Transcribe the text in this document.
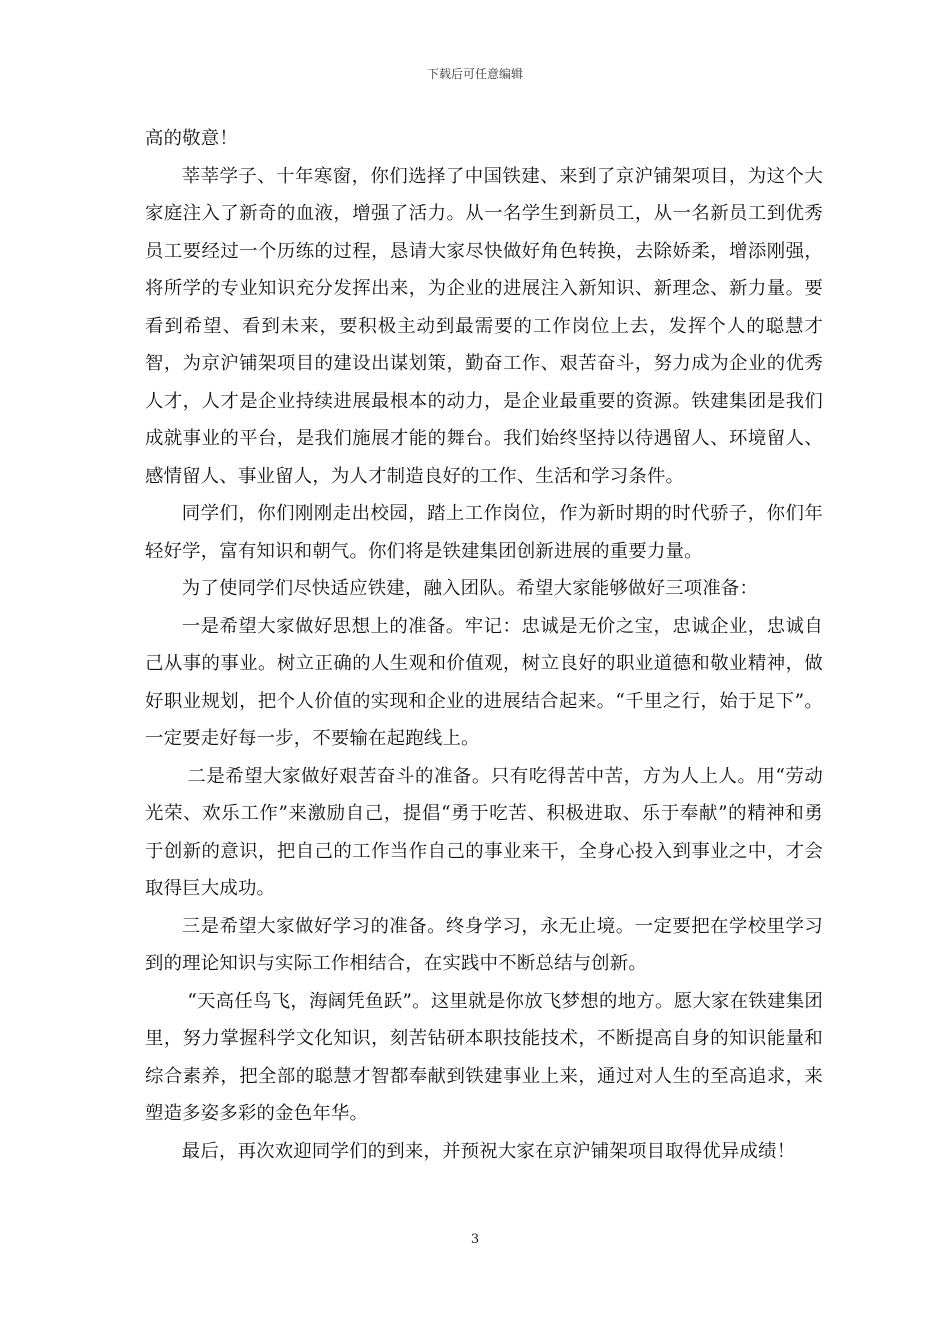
下载后可任意编辑

高的敬意！

莘莘学子、十年寒窗，你们选择了中国铁建、来到了京沪铺架项目，为这个大家庭注入了新奇的血液，增强了活力。从一名学生到新员工，从一名新员工到优秀员工要经过一个历练的过程，恳请大家尽快做好角色转换，去除娇柔，增添刚强，将所学的专业知识充分发挥出来，为企业的进展注入新知识、新理念、新力量。要看到希望、看到未来，要积极主动到最需要的工作岗位上去，发挥个人的聪慧才智，为京沪铺架项目的建设出谋划策，勤奋工作、艰苦奋斗，努力成为企业的优秀人才，人才是企业持续进展最根本的动力，是企业最重要的资源。铁建集团是我们成就事业的平台，是我们施展才能的舞台。我们始终坚持以待遇留人、环境留人、感情留人、事业留人，为人才制造良好的工作、生活和学习条件。

同学们，你们刚刚走出校园，踏上工作岗位，作为新时期的时代骄子，你们年轻好学，富有知识和朝气。你们将是铁建集团创新进展的重要力量。

为了使同学们尽快适应铁建，融入团队。希望大家能够做好三项准备：

一是希望大家做好思想上的准备。牢记：忠诚是无价之宝，忠诚企业，忠诚自己从事的事业。树立正确的人生观和价值观，树立良好的职业道德和敬业精神，做好职业规划，把个人价值的实现和企业的进展结合起来。“千里之行，始于足下”。一定要走好每一步，不要输在起跑线上。

二是希望大家做好艰苦奋斗的准备。只有吃得苦中苦，方为人上人。用“劳动光荣、欢乐工作”来激励自己，提倡“勇于吃苦、积极进取、乐于奉献”的精神和勇于创新的意识，把自己的工作当作自己的事业来干，全身心投入到事业之中，才会取得巨大成功。

三是希望大家做好学习的准备。终身学习，永无止境。一定要把在学校里学习到的理论知识与实际工作相结合，在实践中不断总结与创新。

“天高任鸟飞，海阔凭鱼跃”。这里就是你放飞梦想的地方。愿大家在铁建集团里，努力掌握科学文化知识，刻苦钻研本职技能技术，不断提高自身的知识能量和综合素养，把全部的聪慧才智都奉献到铁建事业上来，通过对人生的至高追求，来塑造多姿多彩的金色年华。

最后，再次欢迎同学们的到来，并预祝大家在京沪铺架项目取得优异成绩！

3
